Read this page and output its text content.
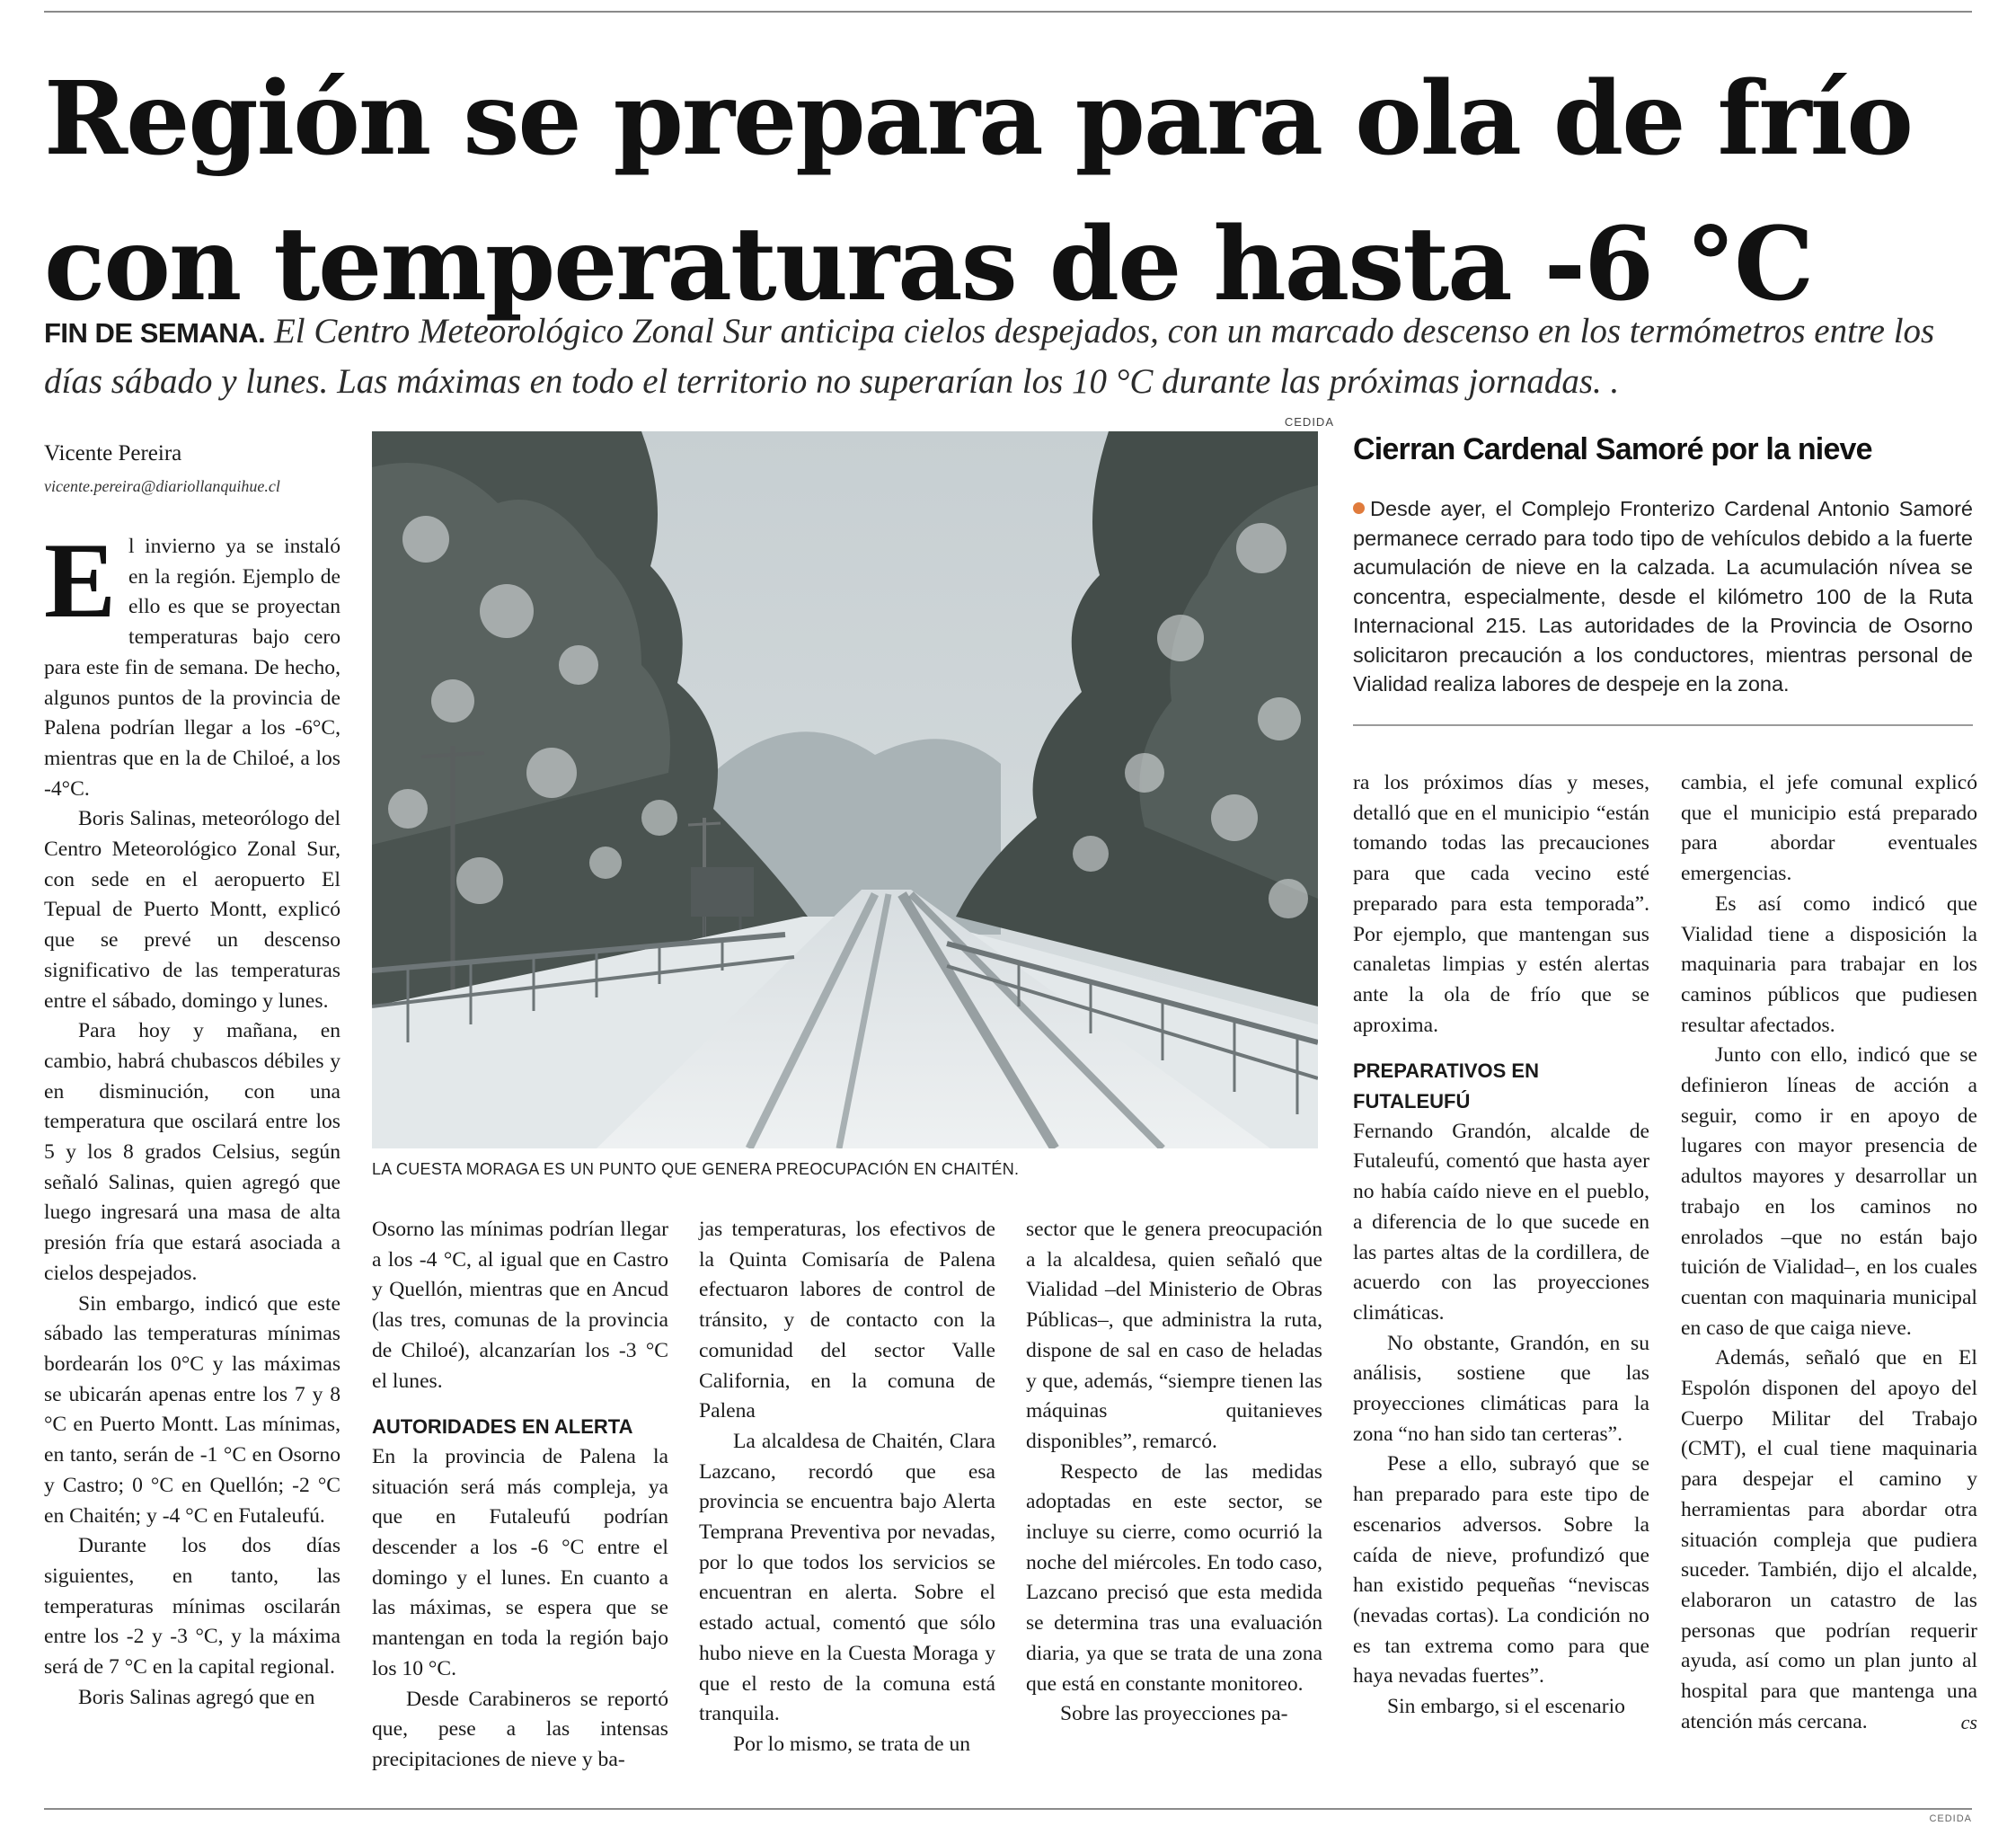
Región se prepara para ola de frío
con temperaturas de hasta -6 °C
FIN DE SEMANA. El Centro Meteorológico Zonal Sur anticipa cielos despejados, con un marcado descenso en los termómetros entre los días sábado y lunes. Las máximas en todo el territorio no superarían los 10 °C durante las próximas jornadas. .
Vicente Pereira
vicente.pereira@diariollanquihue.cl
CEDIDA
LA CUESTA MORAGA ES UN PUNTO QUE GENERA PREOCUPACIÓN EN CHAITÉN.
Cierran Cardenal Samoré por la nieve
Desde ayer, el Complejo Fronterizo Cardenal Antonio Samoré permanece cerrado para todo tipo de vehículos debido a la fuerte acumulación de nieve en la calzada. La acumulación nívea se concentra, especialmente, desde el kilómetro 100 de la Ruta Internacional 215. Las autoridades de la Provincia de Osorno solicitaron precaución a los conductores, mientras personal de Vialidad realiza labores de despeje en la zona.

El invierno ya se instaló en la región. Ejemplo de ello es que se proyectan temperaturas bajo cero para este fin de semana. De hecho, algunos puntos de la provincia de Palena podrían llegar a los -6°C, mientras que en la de Chiloé, a los -4°C.

Boris Salinas, meteorólogo del Centro Meteorológico Zonal Sur, con sede en el aeropuerto El Tepual de Puerto Montt, explicó que se prevé un descenso significativo de las temperaturas entre el sábado, domingo y lunes.

Para hoy y mañana, en cambio, habrá chubascos débiles y en disminución, con una temperatura que oscilará entre los 5 y los 8 grados Celsius, según señaló Salinas, quien agregó que luego ingresará una masa de alta presión fría que estará asociada a cielos despejados.

Sin embargo, indicó que este sábado las temperaturas mínimas bordearán los 0°C y las máximas se ubicarán apenas entre los 7 y 8 °C en Puerto Montt. Las mínimas, en tanto, serán de -1 °C en Osorno y Castro; 0 °C en Quellón; -2 °C en Chaitén; y -4 °C en Futaleufú.

Durante los dos días siguientes, en tanto, las temperaturas mínimas oscilarán entre los -2 y -3 °C, y la máxima será de 7 °C en la capital regional.

Boris Salinas agregó que en

Osorno las mínimas podrían llegar a los -4 °C, al igual que en Castro y Quellón, mientras que en Ancud (las tres, comunas de la provincia de Chiloé), alcanzarían los -3 °C el lunes.

AUTORIDADES EN ALERTA

En la provincia de Palena la situación será más compleja, ya que en Futaleufú podrían descender a los -6 °C entre el domingo y el lunes. En cuanto a las máximas, se espera que se mantengan en toda la región bajo los 10 °C.

Desde Carabineros se reportó que, pese a las intensas precipitaciones de nieve y ba-

jas temperaturas, los efectivos de la Quinta Comisaría de Palena efectuaron labores de control de tránsito, y de contacto con la comunidad del sector Valle California, en la comuna de Palena

La alcaldesa de Chaitén, Clara Lazcano, recordó que esa provincia se encuentra bajo Alerta Temprana Preventiva por nevadas, por lo que todos los servicios se encuentran en alerta. Sobre el estado actual, comentó que sólo hubo nieve en la Cuesta Moraga y que el resto de la comuna está tranquila.

Por lo mismo, se trata de un

sector que le genera preocupación a la alcaldesa, quien señaló que Vialidad –del Ministerio de Obras Públicas–, que administra la ruta, dispone de sal en caso de heladas y que, además, “siempre tienen las máquinas quitanieves disponibles”, remarcó.

Respecto de las medidas adoptadas en este sector, se incluye su cierre, como ocurrió la noche del miércoles. En todo caso, Lazcano precisó que esta medida se determina tras una evaluación diaria, ya que se trata de una zona que está en constante monitoreo.

Sobre las proyecciones pa-

ra los próximos días y meses, detalló que en el municipio “están tomando todas las precauciones para que cada vecino esté preparado para esta temporada”. Por ejemplo, que mantengan sus canaletas limpias y estén alertas ante la ola de frío que se aproxima.

PREPARATIVOS EN
FUTALEUFÚ

Fernando Grandón, alcalde de Futaleufú, comentó que hasta ayer no había caído nieve en el pueblo, a diferencia de lo que sucede en las partes altas de la cordillera, de acuerdo con las proyecciones climáticas.

No obstante, Grandón, en su análisis, sostiene que las proyecciones climáticas para la zona “no han sido tan certeras”.

Pese a ello, subrayó que se han preparado para este tipo de escenarios adversos. Sobre la caída de nieve, profundizó que han existido pequeñas “neviscas (nevadas cortas). La condición no es tan extrema como para que haya nevadas fuertes”.

Sin embargo, si el escenario

cambia, el jefe comunal explicó que el municipio está preparado para abordar eventuales emergencias.

Es así como indicó que Vialidad tiene a disposición la maquinaria para trabajar en los caminos públicos que pudiesen resultar afectados.

Junto con ello, indicó que se definieron líneas de acción a seguir, como ir en apoyo de lugares con mayor presencia de adultos mayores y desarrollar un trabajo en los caminos no enrolados –que no están bajo tuición de Vialidad–, en los cuales cuentan con maquinaria municipal en caso de que caiga nieve.

Además, señaló que en El Espolón disponen del apoyo del Cuerpo Militar del Trabajo (CMT), el cual tiene maquinaria para despejar el camino y herramientas para abordar otra situación compleja que pudiera suceder. También, dijo el alcalde, elaboraron un catastro de las personas que podrían requerir ayuda, así como un plan junto al hospital para que mantenga una atención más cercana.	cs

CEDIDA
